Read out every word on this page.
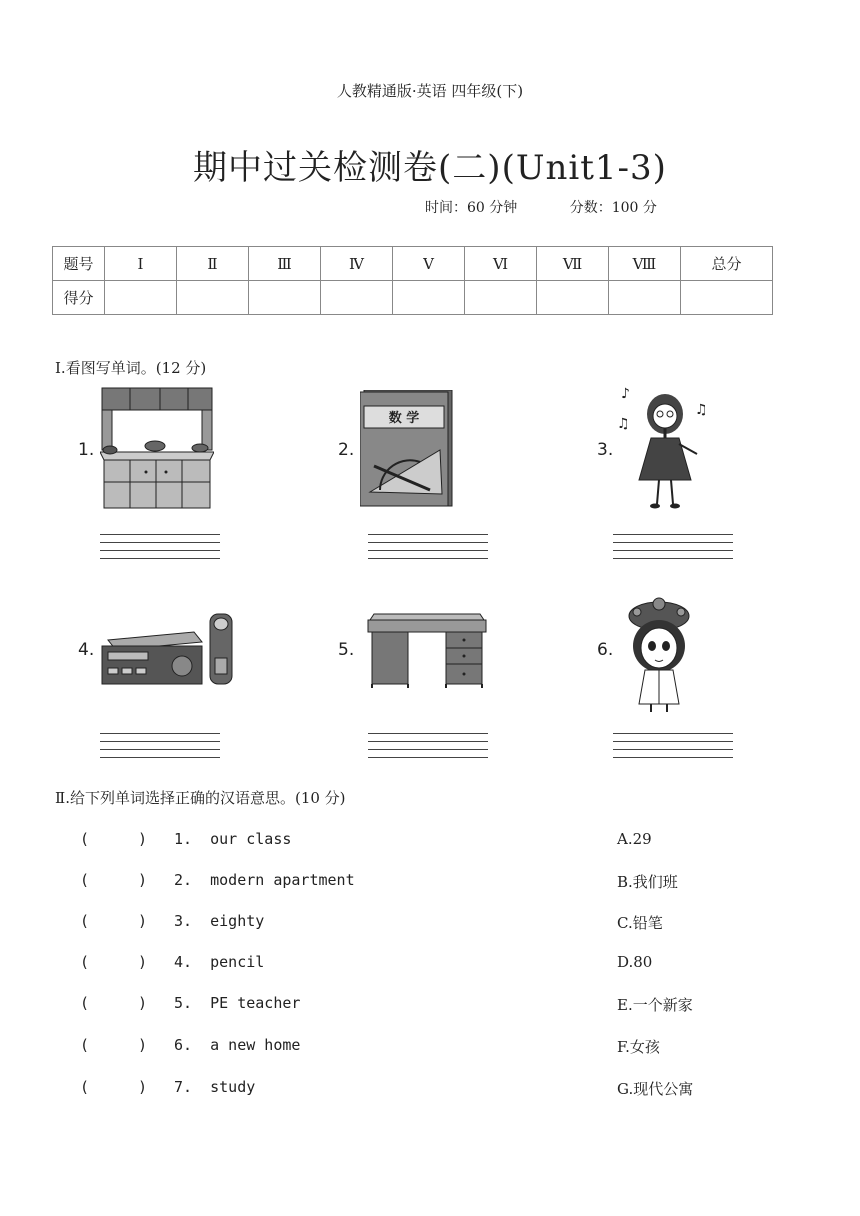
人教精通版·英语 四年级(下)
期中过关检测卷(二)(Unit1-3)
时间：60 分钟	分数：100 分
题号	Ⅰ	Ⅱ	Ⅲ	Ⅳ	Ⅴ	Ⅵ	Ⅶ	Ⅷ	总分
得分									
Ⅰ.看图写单词。(12 分)
1.	2.
数 学
3.
♪
♫
♫
4.	5.	6.
Ⅱ.给下列单词选择正确的汉语意思。(10 分)
(	) 1.  our class	A.29
(	) 2.  modern apartment	B.我们班
(	) 3.  eighty	C.铅笔
(	) 4.  pencil	D.80
(	) 5.  PE teacher	E.一个新家
(	) 6.  a new home	F.女孩
(	) 7.  study	G.现代公寓
